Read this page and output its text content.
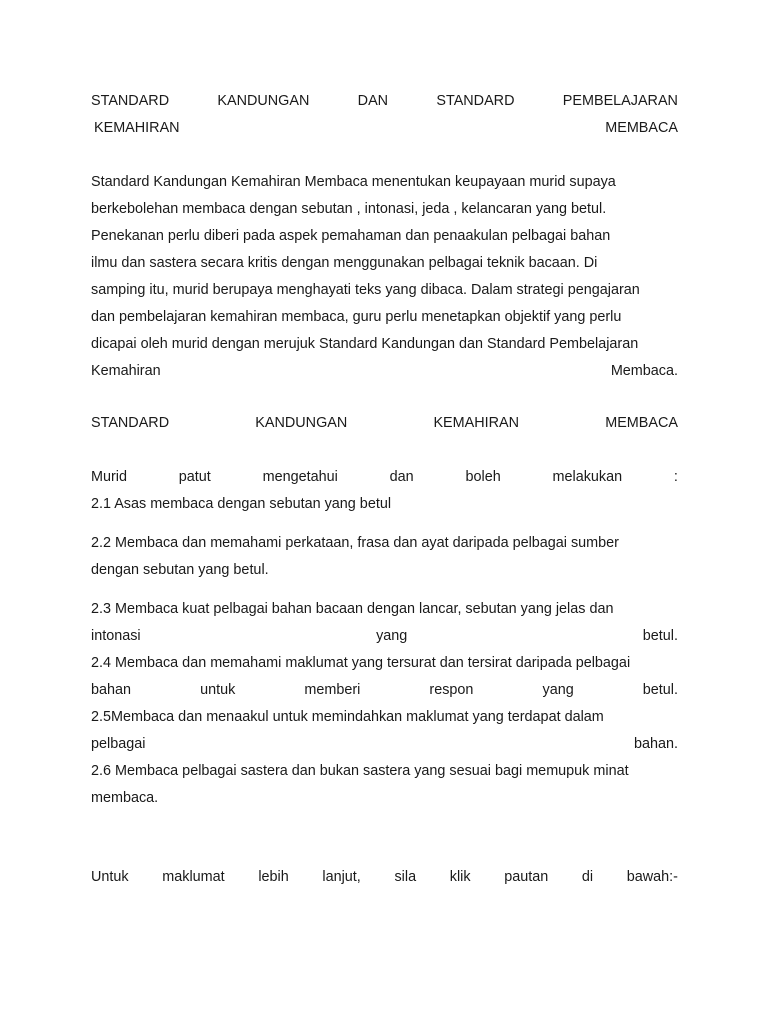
STANDARD	KANDUNGAN	DAN	STANDARD	PEMBELAJARAN
KEMAHIRAN	MEMBACA
Standard Kandungan Kemahiran Membaca menentukan keupayaan murid supaya
berkebolehan membaca dengan sebutan , intonasi, jeda , kelancaran yang betul.
Penekanan perlu diberi pada aspek pemahaman dan penaakulan pelbagai bahan
ilmu dan sastera secara kritis dengan menggunakan pelbagai teknik bacaan. Di
samping itu, murid berupaya menghayati teks yang dibaca. Dalam strategi pengajaran
dan pembelajaran kemahiran membaca, guru perlu menetapkan objektif yang perlu
dicapai oleh murid dengan merujuk Standard Kandungan dan Standard Pembelajaran
Kemahiran	Membaca.
STANDARD	KANDUNGAN	KEMAHIRAN	MEMBACA
Murid	patut	mengetahui	dan	boleh	melakukan	:
2.1 Asas membaca dengan sebutan yang betul
2.2 Membaca dan memahami perkataan, frasa dan ayat daripada pelbagai sumber
dengan sebutan yang betul.
2.3 Membaca kuat pelbagai bahan bacaan dengan lancar, sebutan yang jelas dan
intonasi	yang	betul.
2.4 Membaca dan memahami maklumat yang tersurat dan tersirat daripada pelbagai
bahan	untuk	memberi	respon	yang	betul.
2.5Membaca dan menaakul untuk memindahkan maklumat yang terdapat dalam
pelbagai	bahan.
2.6 Membaca pelbagai sastera dan bukan sastera yang sesuai bagi memupuk minat
membaca.
Untuk maklumat lebih lanjut, sila klik pautan di bawah:-
